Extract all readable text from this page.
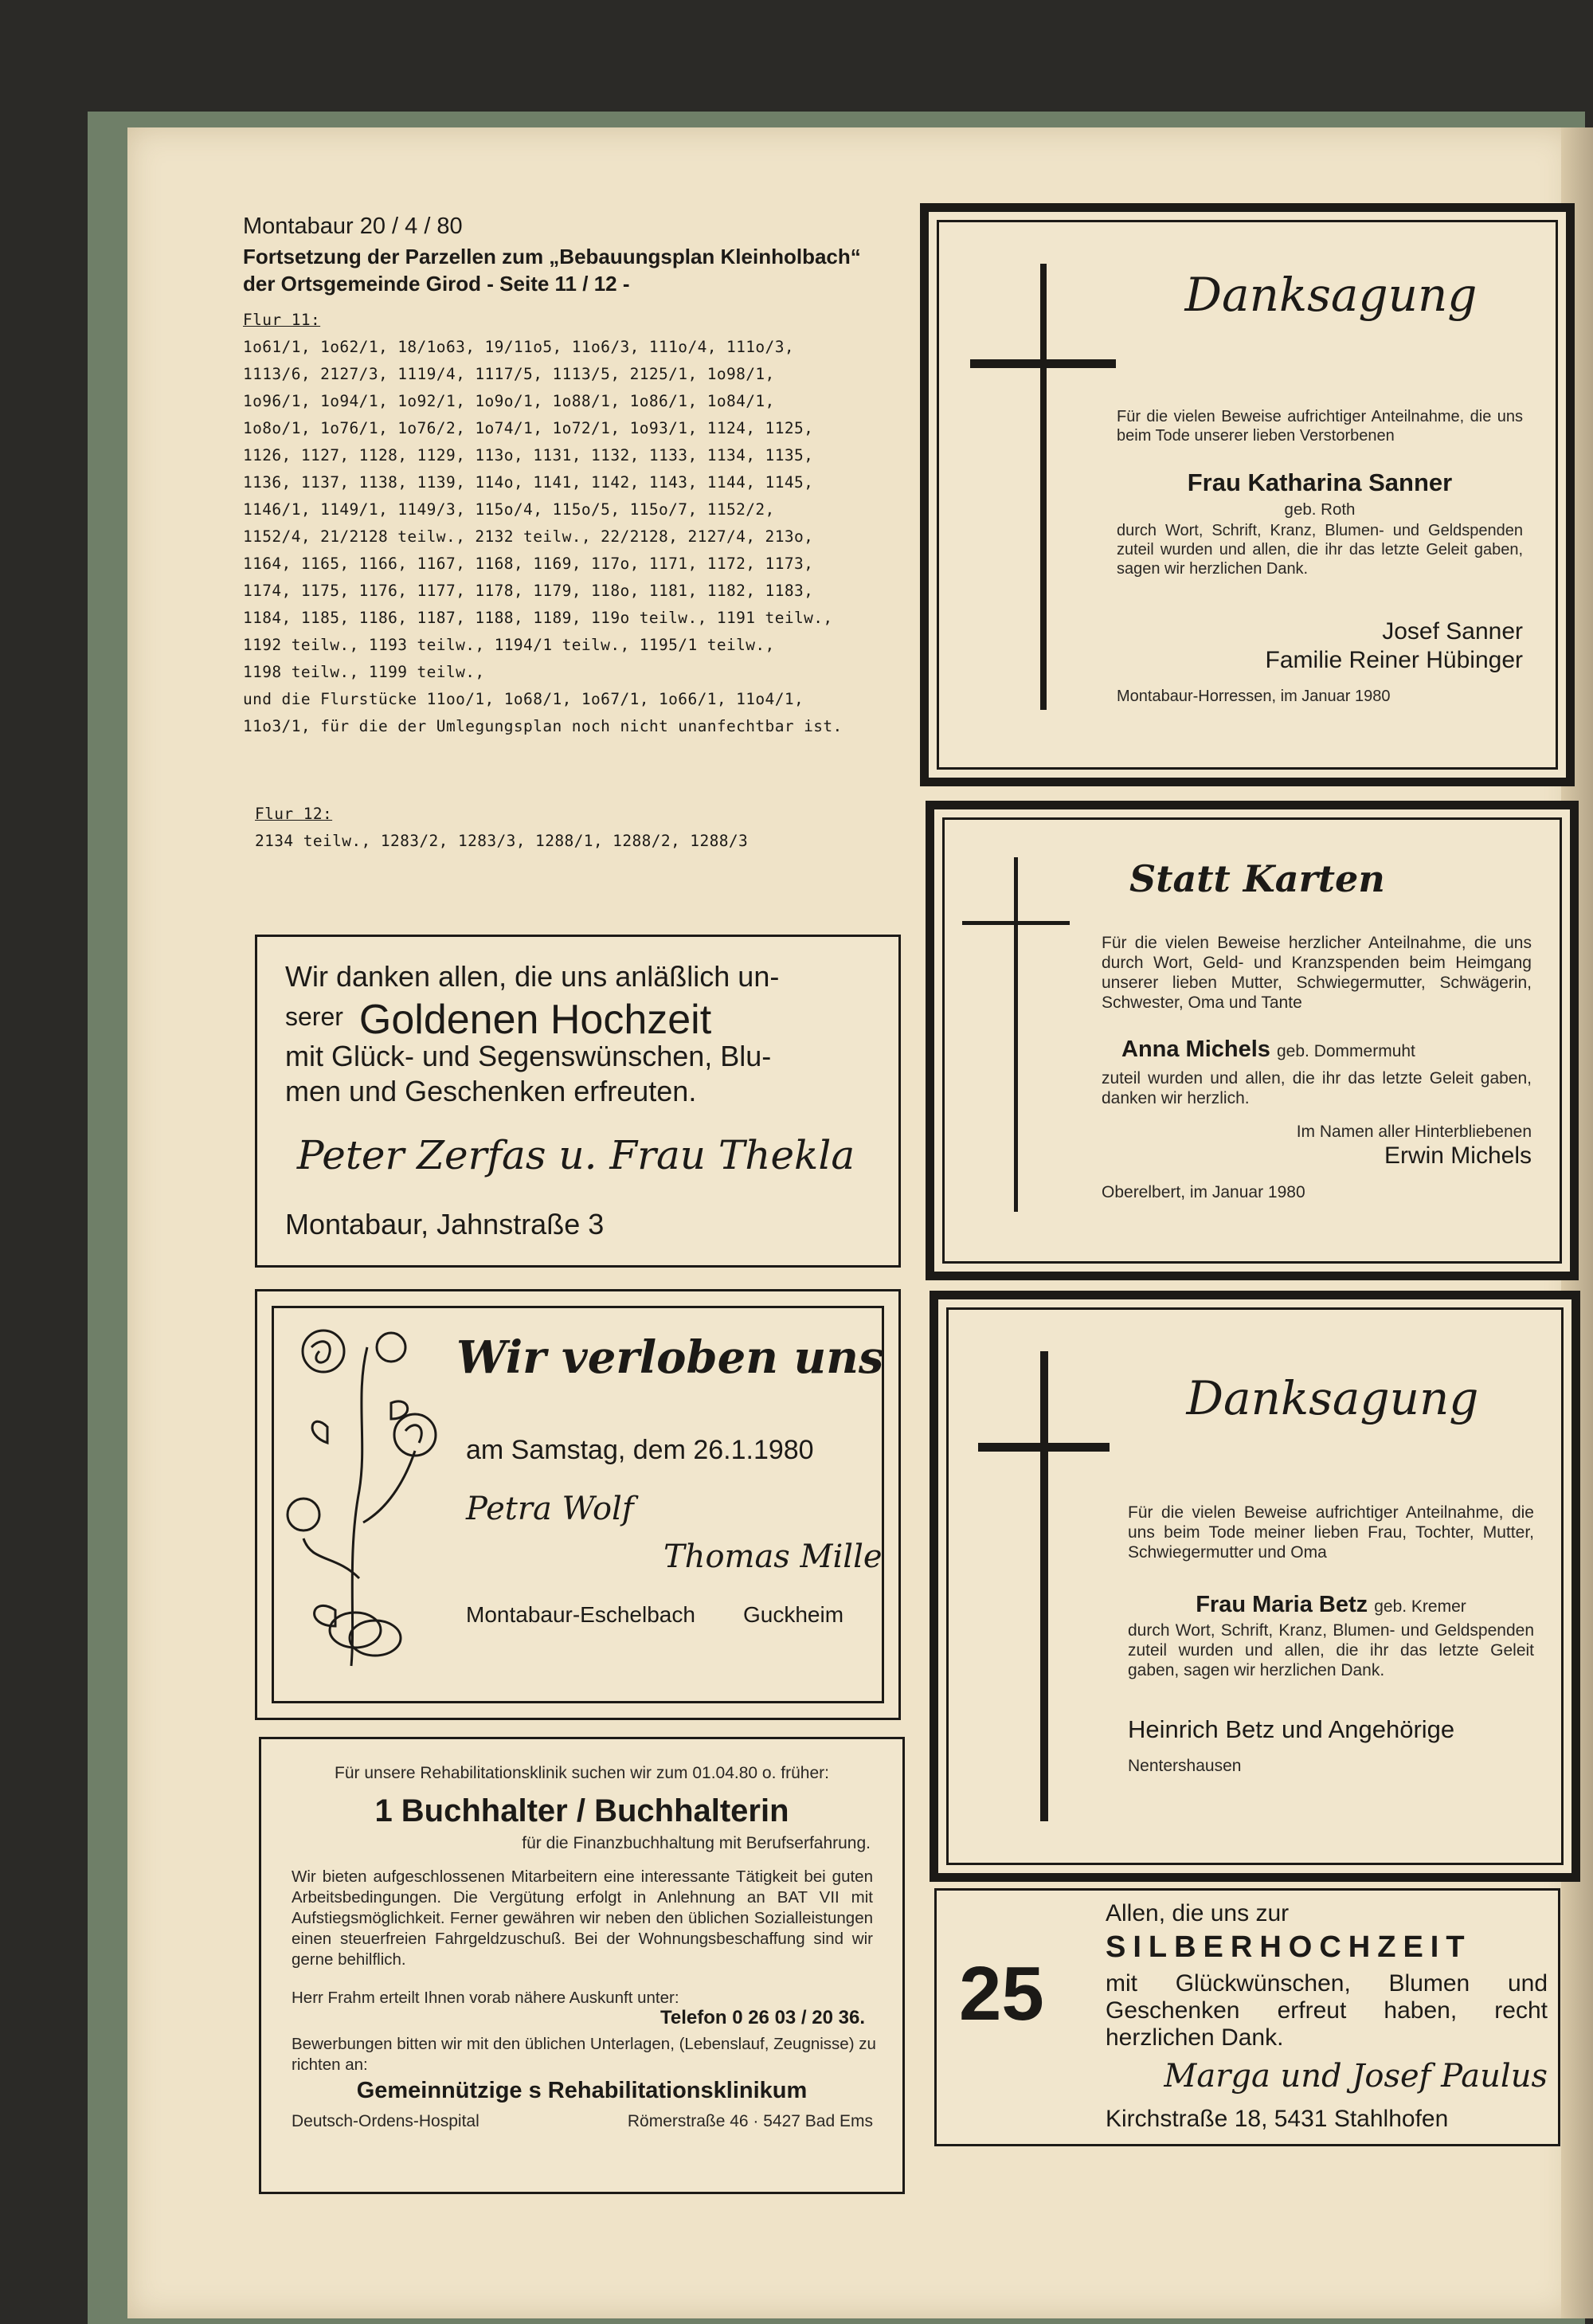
Montabaur 20 / 4 / 80
Fortsetzung der Parzellen zum „Bebauungsplan Kleinholbach“
der Ortsgemeinde Girod - Seite 11 / 12 -
Flur 11:
1o61/1, 1o62/1, 18/1o63, 19/11o5, 11o6/3, 111o/4, 111o/3,
1113/6, 2127/3, 1119/4, 1117/5, 1113/5, 2125/1, 1o98/1,
1o96/1, 1o94/1, 1o92/1, 1o9o/1, 1o88/1, 1o86/1, 1o84/1,
1o8o/1, 1o76/1, 1o76/2, 1o74/1, 1o72/1, 1o93/1, 1124, 1125,
1126, 1127, 1128, 1129, 113o, 1131, 1132, 1133, 1134, 1135,
1136, 1137, 1138, 1139, 114o, 1141, 1142, 1143, 1144, 1145,
1146/1, 1149/1, 1149/3, 115o/4, 115o/5, 115o/7, 1152/2,
1152/4, 21/2128 teilw., 2132 teilw., 22/2128, 2127/4, 213o,
1164, 1165, 1166, 1167, 1168, 1169, 117o, 1171, 1172, 1173,
1174, 1175, 1176, 1177, 1178, 1179, 118o, 1181, 1182, 1183,
1184, 1185, 1186, 1187, 1188, 1189, 119o teilw., 1191 teilw.,
1192 teilw., 1193 teilw., 1194/1 teilw., 1195/1 teilw.,
1198 teilw., 1199 teilw.,
und die Flurstücke 11oo/1, 1o68/1, 1o67/1, 1o66/1, 11o4/1,
11o3/1, für die der Umlegungsplan noch nicht unanfechtbar ist.
Flur 12:
2134 teilw., 1283/2, 1283/3, 1288/1, 1288/2, 1288/3
Wir danken allen, die uns anläßlich un-
serer Goldenen Hochzeit
mit Glück- und Segenswünschen, Blu-
men und Geschenken erfreuten.
Peter Zerfas u. Frau Thekla
Montabaur, Jahnstraße 3
Wir verloben uns
am Samstag, dem 26.1.1980
Petra Wolf
Thomas Mille
Montabaur-Eschelbach Guckheim
Für unsere Rehabilitationsklinik suchen wir zum 01.04.80 o. früher:
1 Buchhalter / Buchhalterin
für die Finanzbuchhaltung mit Berufserfahrung.
Wir bieten aufgeschlossenen Mitarbeitern eine interessante Tätigkeit bei guten Arbeitsbedingungen. Die Vergütung erfolgt in Anlehnung an BAT VII mit Aufstiegsmöglichkeit. Ferner gewähren wir neben den üblichen Sozialleistungen einen steuerfreien Fahrgeldzuschuß. Bei der Wohnungsbeschaffung sind wir gerne behilflich.
Herr Frahm erteilt Ihnen vorab nähere Auskunft unter:
Telefon 0 26 03 / 20 36.
Bewerbungen bitten wir mit den üblichen Unterlagen, (Lebenslauf, Zeugnisse) zu richten an:
Gemeinnützige s Rehabilitationsklinikum
Deutsch-Ordens-Hospital	Römerstraße 46 · 5427 Bad Ems
Danksagung
Für die vielen Beweise aufrichtiger Anteilnahme, die uns beim Tode unserer lieben Verstorbenen
Frau Katharina Sanner
geb. Roth
durch Wort, Schrift, Kranz, Blumen- und Geldspenden zuteil wurden und allen, die ihr das letzte Geleit gaben, sagen wir herzlichen Dank.
Josef Sanner
Familie Reiner Hübinger
Montabaur-Horressen, im Januar 1980
Statt Karten
Für die vielen Beweise herzlicher Anteilnahme, die uns durch Wort, Geld- und Kranzspenden beim Heimgang unserer lieben Mutter, Schwiegermutter, Schwägerin, Schwester, Oma und Tante
Anna Michels geb. Dommermuht
zuteil wurden und allen, die ihr das letzte Geleit gaben, danken wir herzlich.
Im Namen aller Hinterbliebenen
Erwin Michels
Oberelbert, im Januar 1980
Danksagung
Für die vielen Beweise aufrichtiger Anteilnahme, die uns beim Tode meiner lieben Frau, Tochter, Mutter, Schwiegermutter und Oma
Frau Maria Betz geb. Kremer
durch Wort, Schrift, Kranz, Blumen- und Geldspenden zuteil wurden und allen, die ihr das letzte Geleit gaben, sagen wir herzlichen Dank.
Heinrich Betz und Angehörige
Nentershausen
25
Allen, die uns zur
SILBERHOCHZEIT
mit Glückwünschen, Blumen und Geschenken erfreut haben, recht herzlichen Dank.
Marga und Josef Paulus
Kirchstraße 18, 5431 Stahlhofen
